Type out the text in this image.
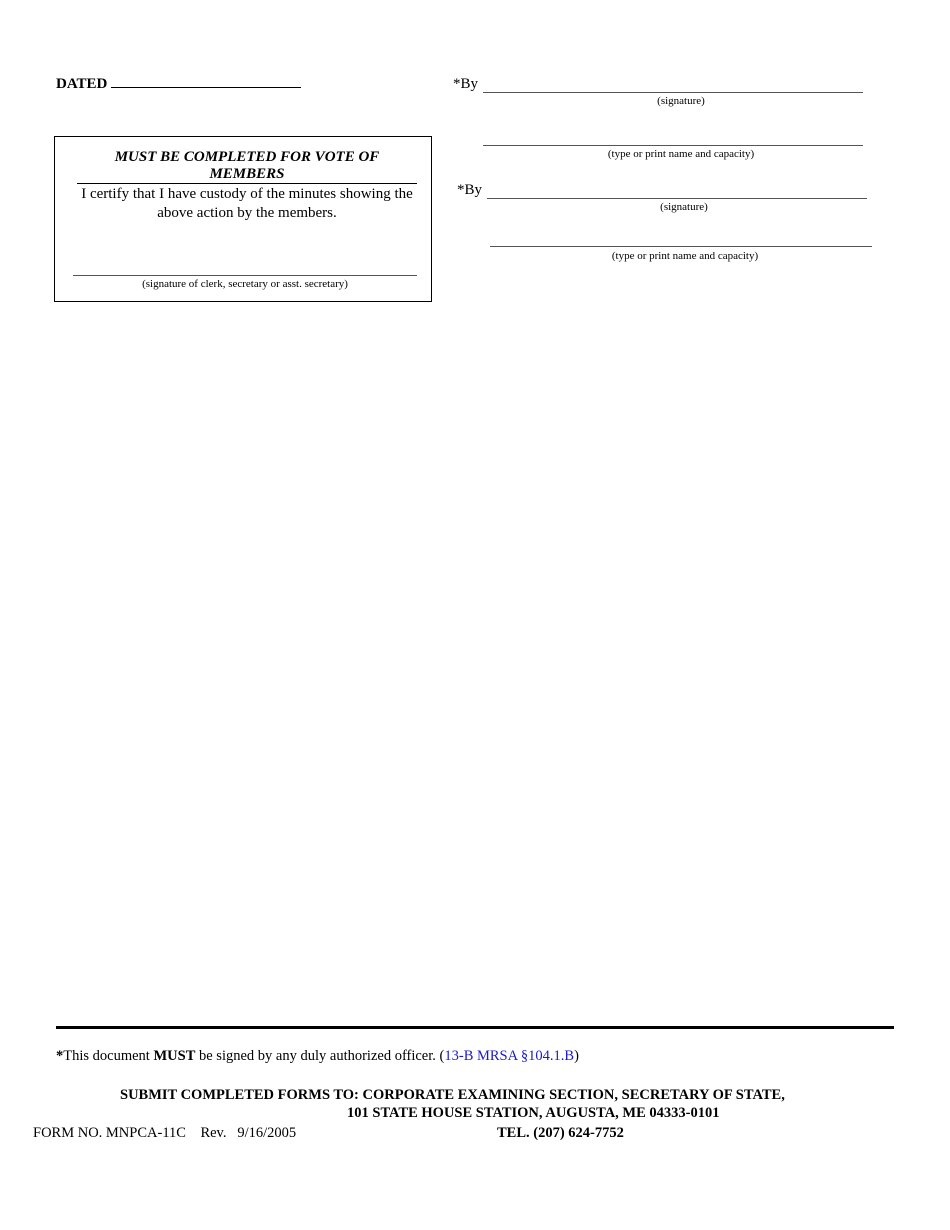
DATED
MUST BE COMPLETED FOR VOTE OF MEMBERS
I certify that I have custody of the minutes showing the above action by the members.
(signature of clerk, secretary or asst. secretary)
*By
(signature)
(type or print name and capacity)
*By
(signature)
(type or print name and capacity)
*This document MUST be signed by any duly authorized officer. (13-B MRSA §104.1.B)
SUBMIT COMPLETED FORMS TO: CORPORATE EXAMINING SECTION, SECRETARY OF STATE,
101 STATE HOUSE STATION, AUGUSTA, ME 04333-0101
TEL. (207) 624-7752
FORM NO. MNPCA-11C    Rev.   9/16/2005
